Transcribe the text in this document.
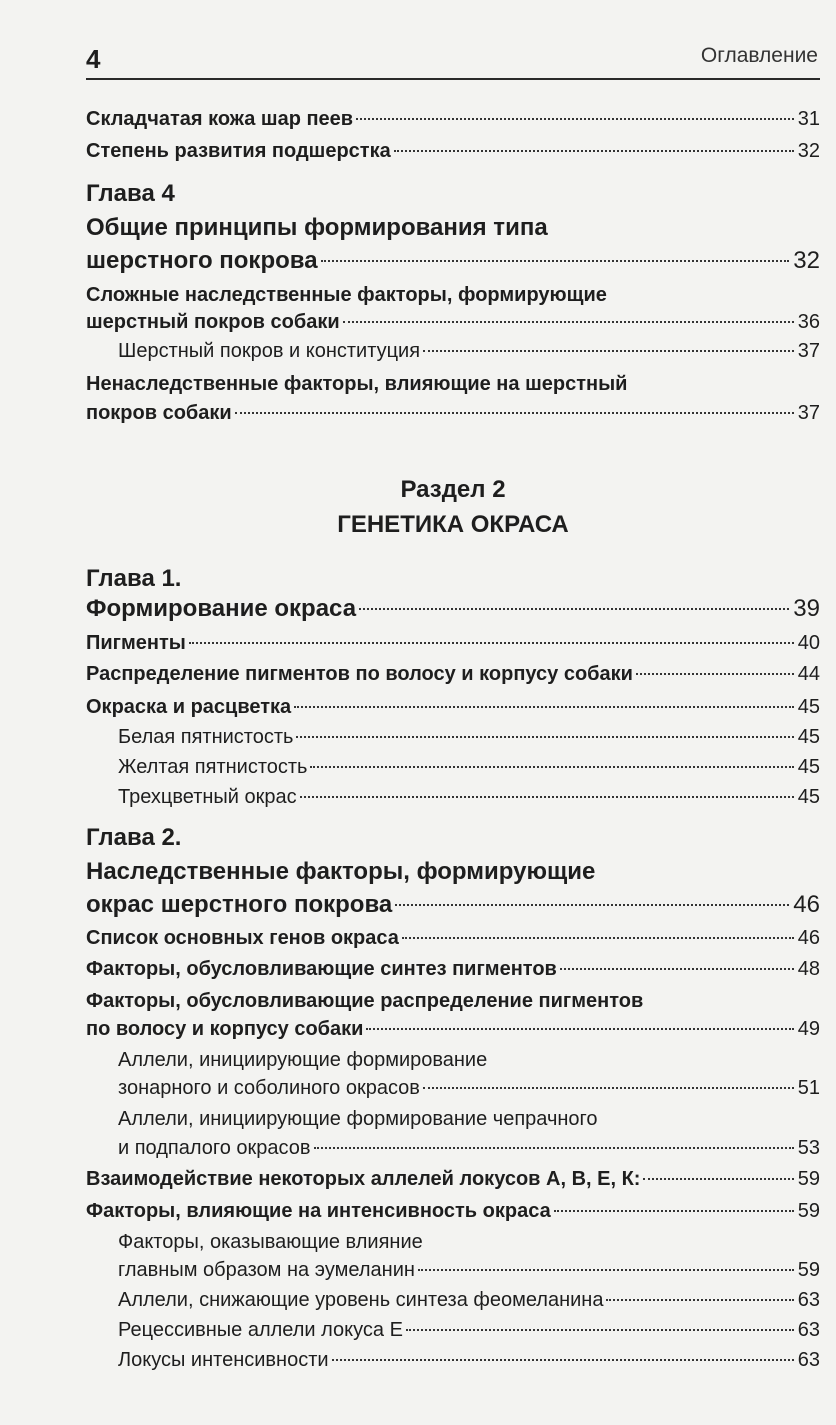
4	Оглавление
Складчатая кожа шар пеев	31
Степень развития подшерстка	32
Глава 4
Общие принципы формирования типа
шерстного покрова	32
Сложные наследственные факторы, формирующие
шерстный покров собаки	36
Шерстный покров и конституция	37
Ненаследственные факторы, влияющие на шерстный
покров собаки	37
Раздел 2
ГЕНЕТИКА ОКРАСА
Глава 1.
Формирование окраса	39
Пигменты	40
Распределение пигментов по волосу и корпусу собаки	44
Окраска и расцветка	45
Белая пятнистость	45
Желтая пятнистость	45
Трехцветный окрас	45
Глава 2.
Наследственные факторы, формирующие
окрас шерстного покрова	46
Список основных генов окраса	46
Факторы, обусловливающие синтез пигментов	48
Факторы, обусловливающие распределение пигментов
по волосу и корпусу собаки	49
Аллели, инициирующие формирование
зонарного и соболиного окрасов	51
Аллели, инициирующие формирование чепрачного
и подпалого окрасов	53
Взаимодействие некоторых аллелей локусов А, В, Е, К:	59
Факторы, влияющие на интенсивность окраса	59
Факторы, оказывающие влияние
главным образом на эумеланин	59
Аллели, снижающие уровень синтеза феомеланина	63
Рецессивные аллели локуса Е	63
Локусы интенсивности	63
